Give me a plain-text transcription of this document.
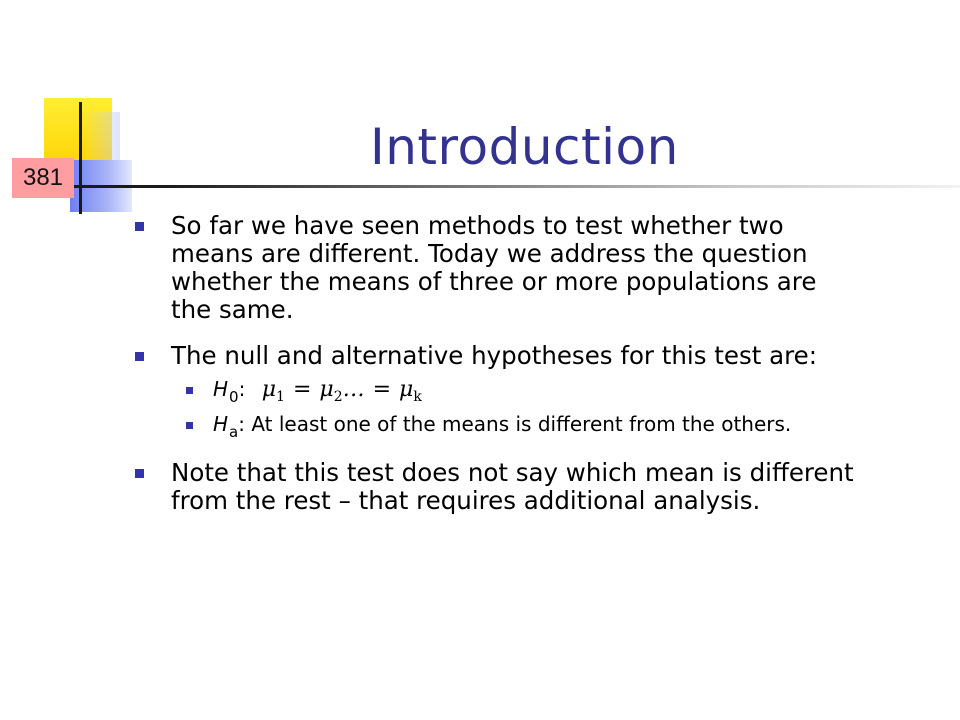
381
Introduction
So far we have seen methods to test whether two means are different. Today we address the question whether the means of three or more populations are the same.
The null and alternative hypotheses for this test are:
$H_0$: $\mu_1$ = $\mu_2\dots = \mu_k$
$H_a$: At least one of the means is different from the others.
Note that this test does not say which mean is different from the rest – that requires additional analysis.
